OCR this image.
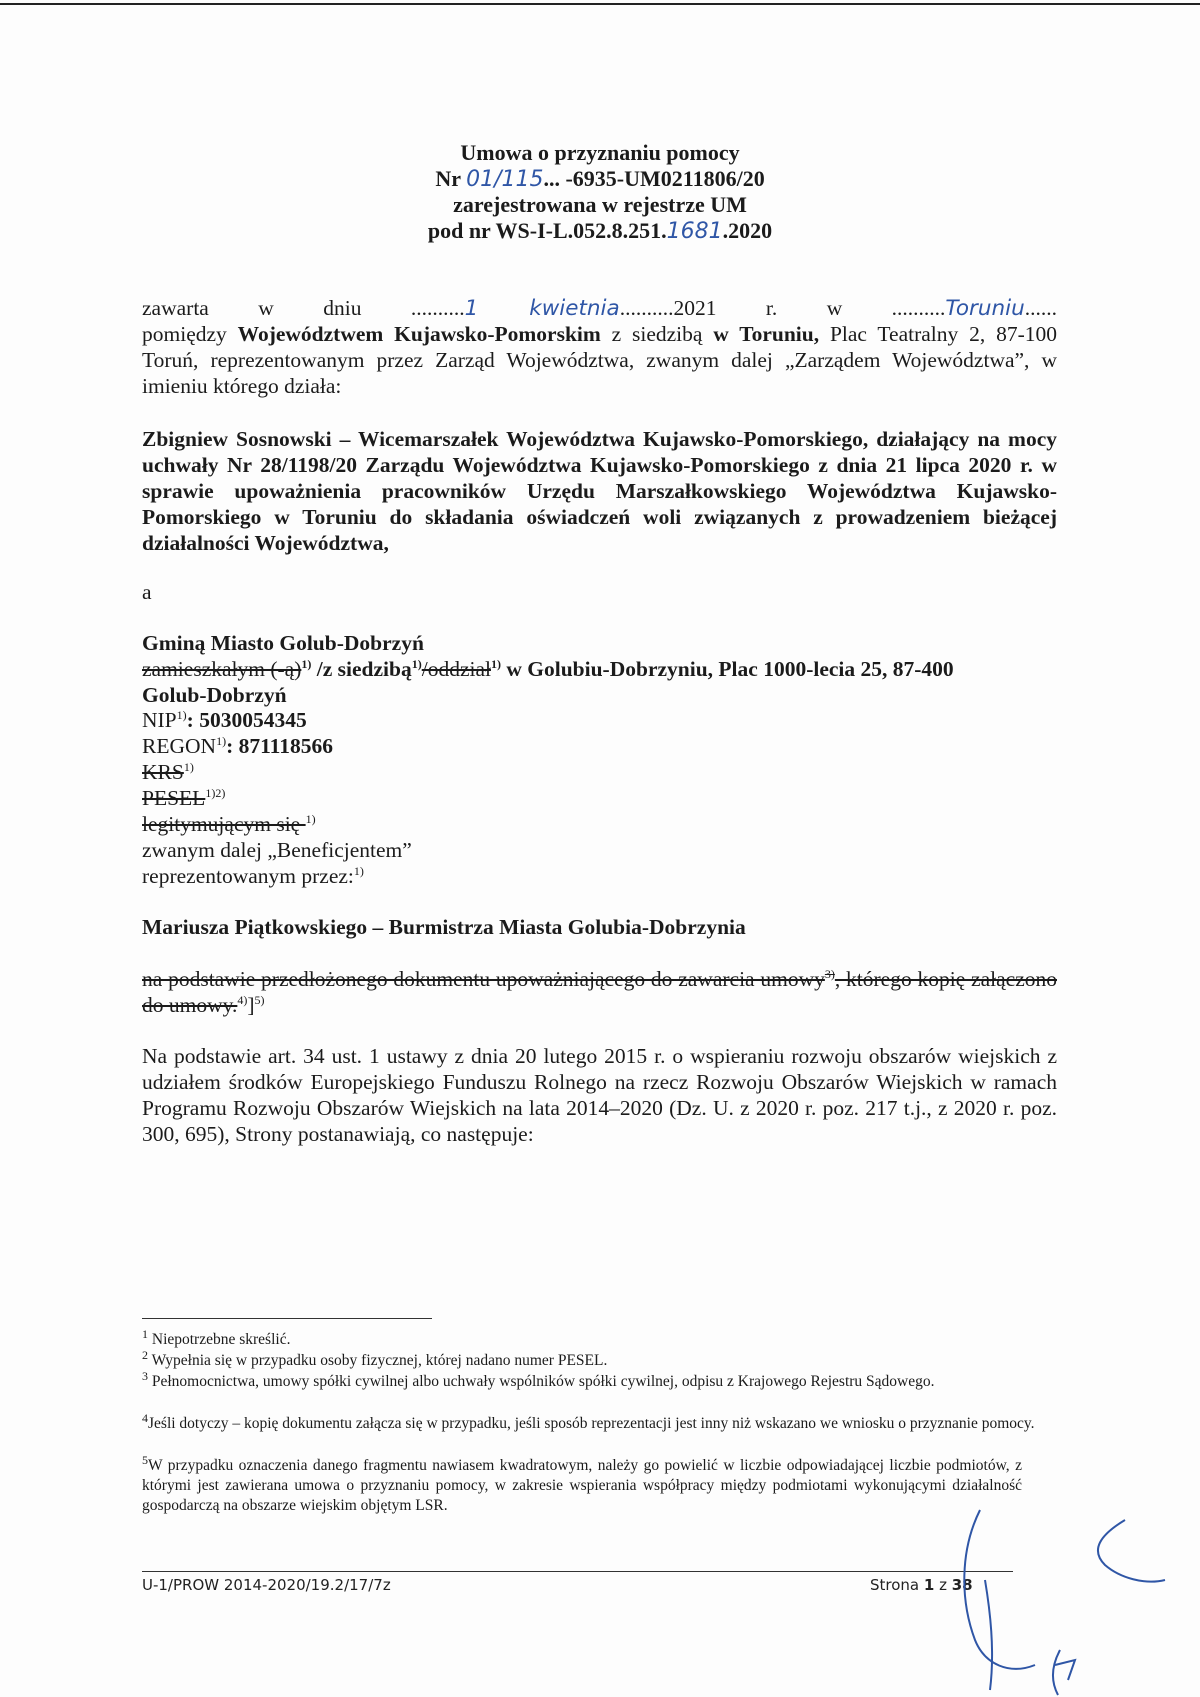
Umowa o przyznaniu pomocy
Nr 01/115... -6935-UM0211806/20
zarejestrowana w rejestrze UM
pod nr WS-I-L.052.8.251.1681.2020
zawarta w dniu ..........1 kwietnia..........2021 r. w ..........Toruniu......
pomiędzy Województwem Kujawsko-Pomorskim z siedzibą w Toruniu, Plac Teatralny 2, 87-100 Toruń, reprezentowanym przez Zarząd Województwa, zwanym dalej „Zarządem Województwa”, w imieniu którego działa:
Zbigniew Sosnowski – Wicemarszałek Województwa Kujawsko-Pomorskiego, działający na mocy uchwały Nr 28/1198/20 Zarządu Województwa Kujawsko-Pomorskiego z dnia 21 lipca 2020 r. w sprawie upoważnienia pracowników Urzędu Marszałkowskiego Województwa Kujawsko-Pomorskiego w Toruniu do składania oświadczeń woli związanych z prowadzeniem bieżącej działalności Województwa,
a
Gminą Miasto Golub-Dobrzyń
zamieszkałym (-ą)$^{1)}$ /z siedzibą$^{1)}$/oddział$^{1)}$ w Golubiu-Dobrzyniu, Plac 1000-lecia 25, 87-400 Golub-Dobrzyń
NIP$^{1)}$: 5030054345
REGON$^{1)}$: 871118566
KRS$^{1)}$
$PESEL^{1)2)}$
legitymującym się $^{1)}$
zwanym dalej „Beneficjentem”
reprezentowanym przez:$^{1)}$
Mariusza Piątkowskiego – Burmistrza Miasta Golubia-Dobrzynia
na podstawie przedłożonego dokumentu upoważniającego do zawarcia umowy$^{3)}$, którego kopię załączono do umowy.$^{4)}$]$^{5)}$
Na podstawie art. 34 ust. 1 ustawy z dnia 20 lutego 2015 r. o wspieraniu rozwoju obszarów wiejskich z udziałem środków Europejskiego Funduszu Rolnego na rzecz Rozwoju Obszarów Wiejskich w ramach Programu Rozwoju Obszarów Wiejskich na lata 2014–2020 (Dz. U. z 2020 r. poz. 217 t.j., z 2020 r. poz. 300, 695), Strony postanawiają, co następuje:
$^1$ Niepotrzebne skreślić.
$^2$ Wypełnia się w przypadku osoby fizycznej, której nadano numer PESEL.
$^3$ Pełnomocnictwa, umowy spółki cywilnej albo uchwały wspólników spółki cywilnej, odpisu z Krajowego Rejestru Sądowego.
$^4$Jeśli dotyczy – kopię dokumentu załącza się w przypadku, jeśli sposób reprezentacji jest inny niż wskazano we wniosku o przyznanie pomocy.
$^5$W przypadku oznaczenia danego fragmentu nawiasem kwadratowym, należy go powielić w liczbie odpowiadającej liczbie podmiotów, z którymi jest zawierana umowa o przyznaniu pomocy, w zakresie wspierania współpracy między podmiotami wykonującymi działalność gospodarczą na obszarze wiejskim objętym LSR.
U-1/PROW 2014-2020/19.2/17/7z	Strona 1 z 38
